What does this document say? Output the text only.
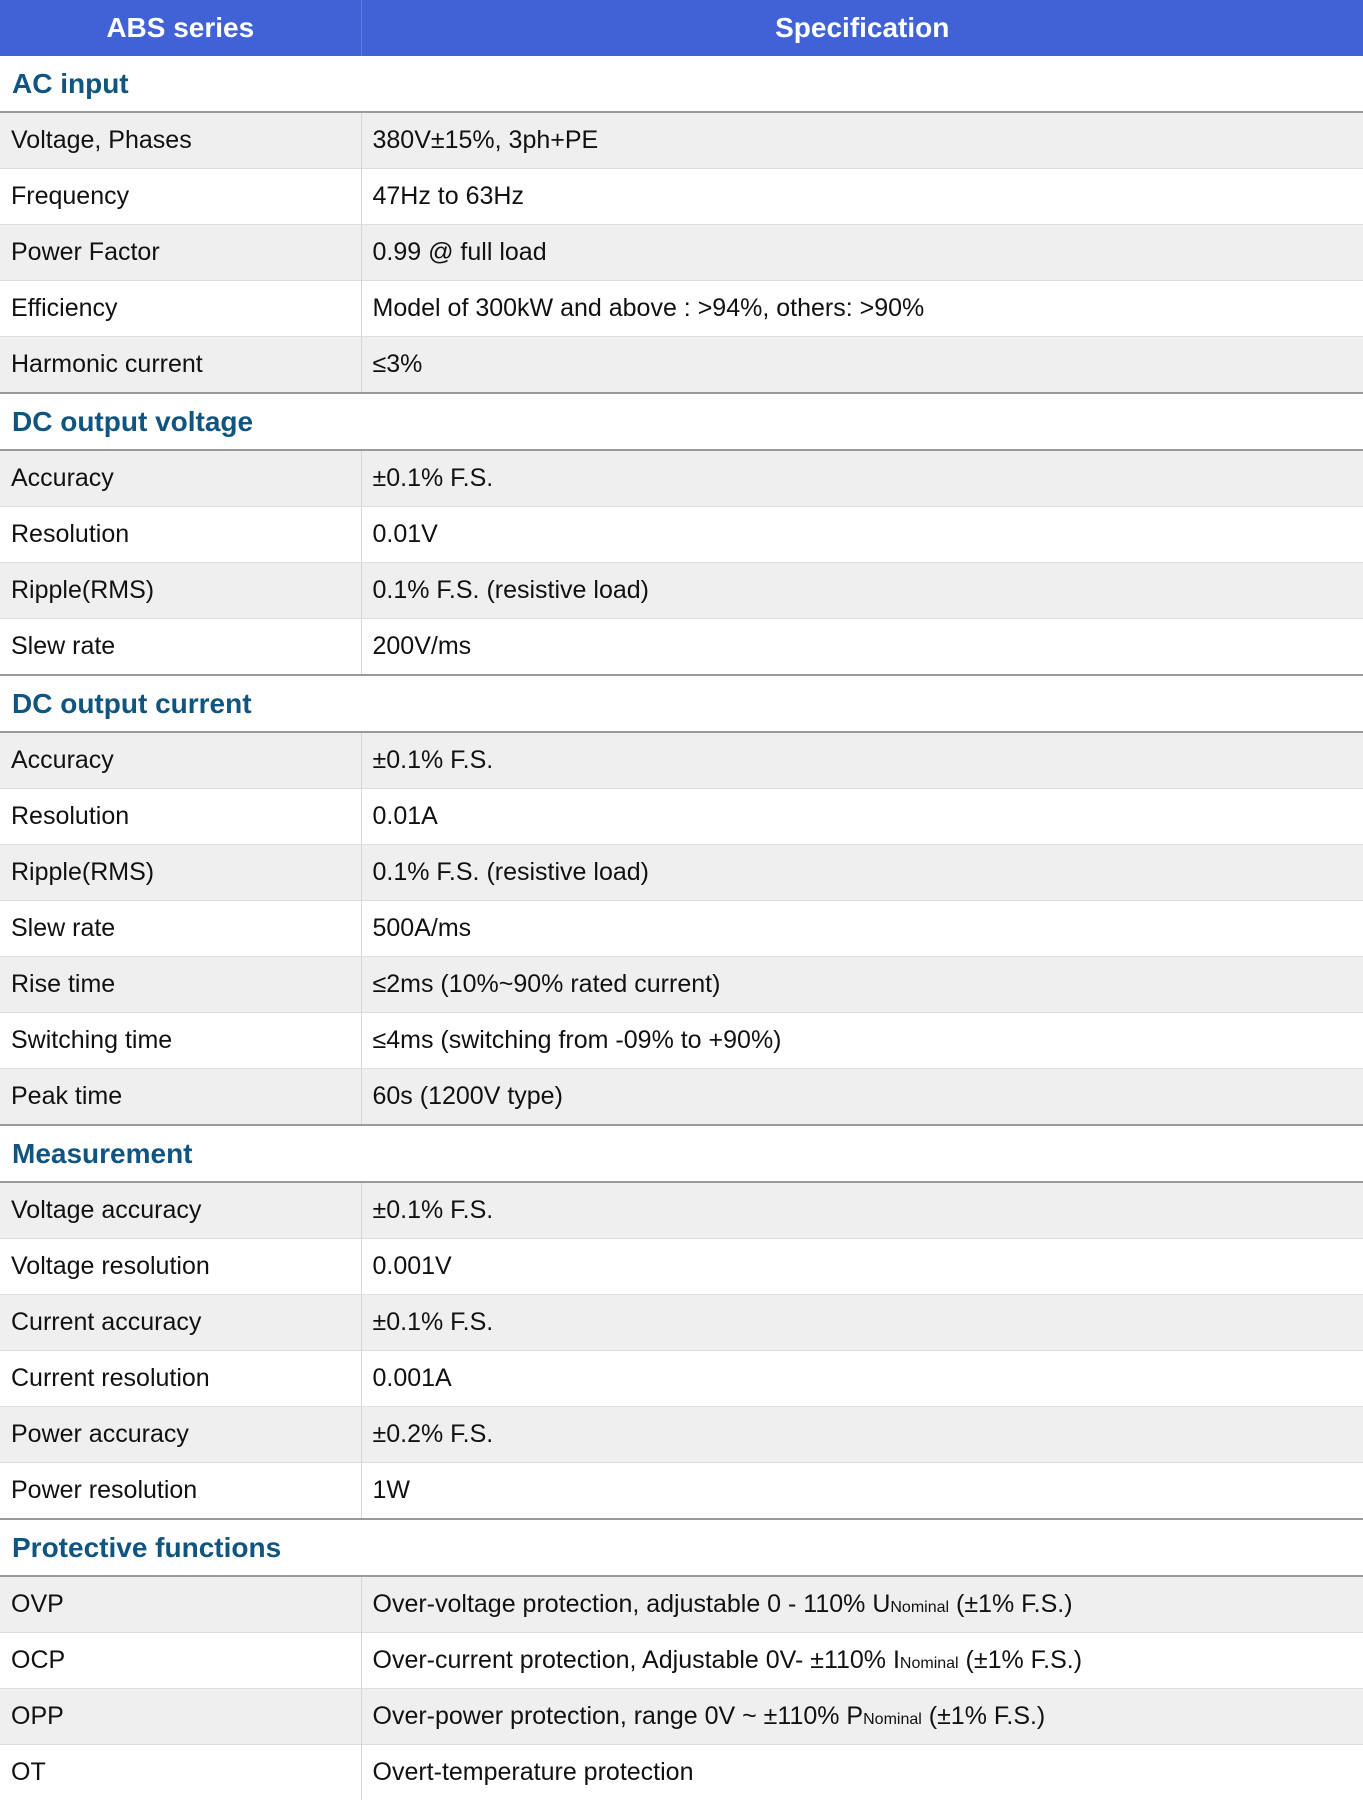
ABS series	Specification
AC input	
Voltage, Phases	380V±15%, 3ph+PE
Frequency	47Hz to 63Hz
Power Factor	0.99 @ full load
Efficiency	Model of 300kW and above : >94%, others: >90%
Harmonic current	≤3%
DC output voltage	
Accuracy	±0.1% F.S.
Resolution	0.01V
Ripple(RMS)	0.1% F.S. (resistive load)
Slew rate	200V/ms
DC output current	
Accuracy	±0.1% F.S.
Resolution	0.01A
Ripple(RMS)	0.1% F.S. (resistive load)
Slew rate	500A/ms
Rise time	≤2ms (10%~90% rated current)
Switching time	≤4ms (switching from -09% to +90%)
Peak time	60s (1200V type)
Measurement	
Voltage accuracy	±0.1% F.S.
Voltage resolution	0.001V
Current accuracy	±0.1% F.S.
Current resolution	0.001A
Power accuracy	±0.2% F.S.
Power resolution	1W
Protective functions	
OVP	Over-voltage protection, adjustable 0 - 110% UNominal (±1% F.S.)
OCP	Over-current protection, Adjustable 0V- ±110% INominal (±1% F.S.)
OPP	Over-power protection, range 0V ~ ±110% PNominal (±1% F.S.)
OT	Overt-temperature protection
